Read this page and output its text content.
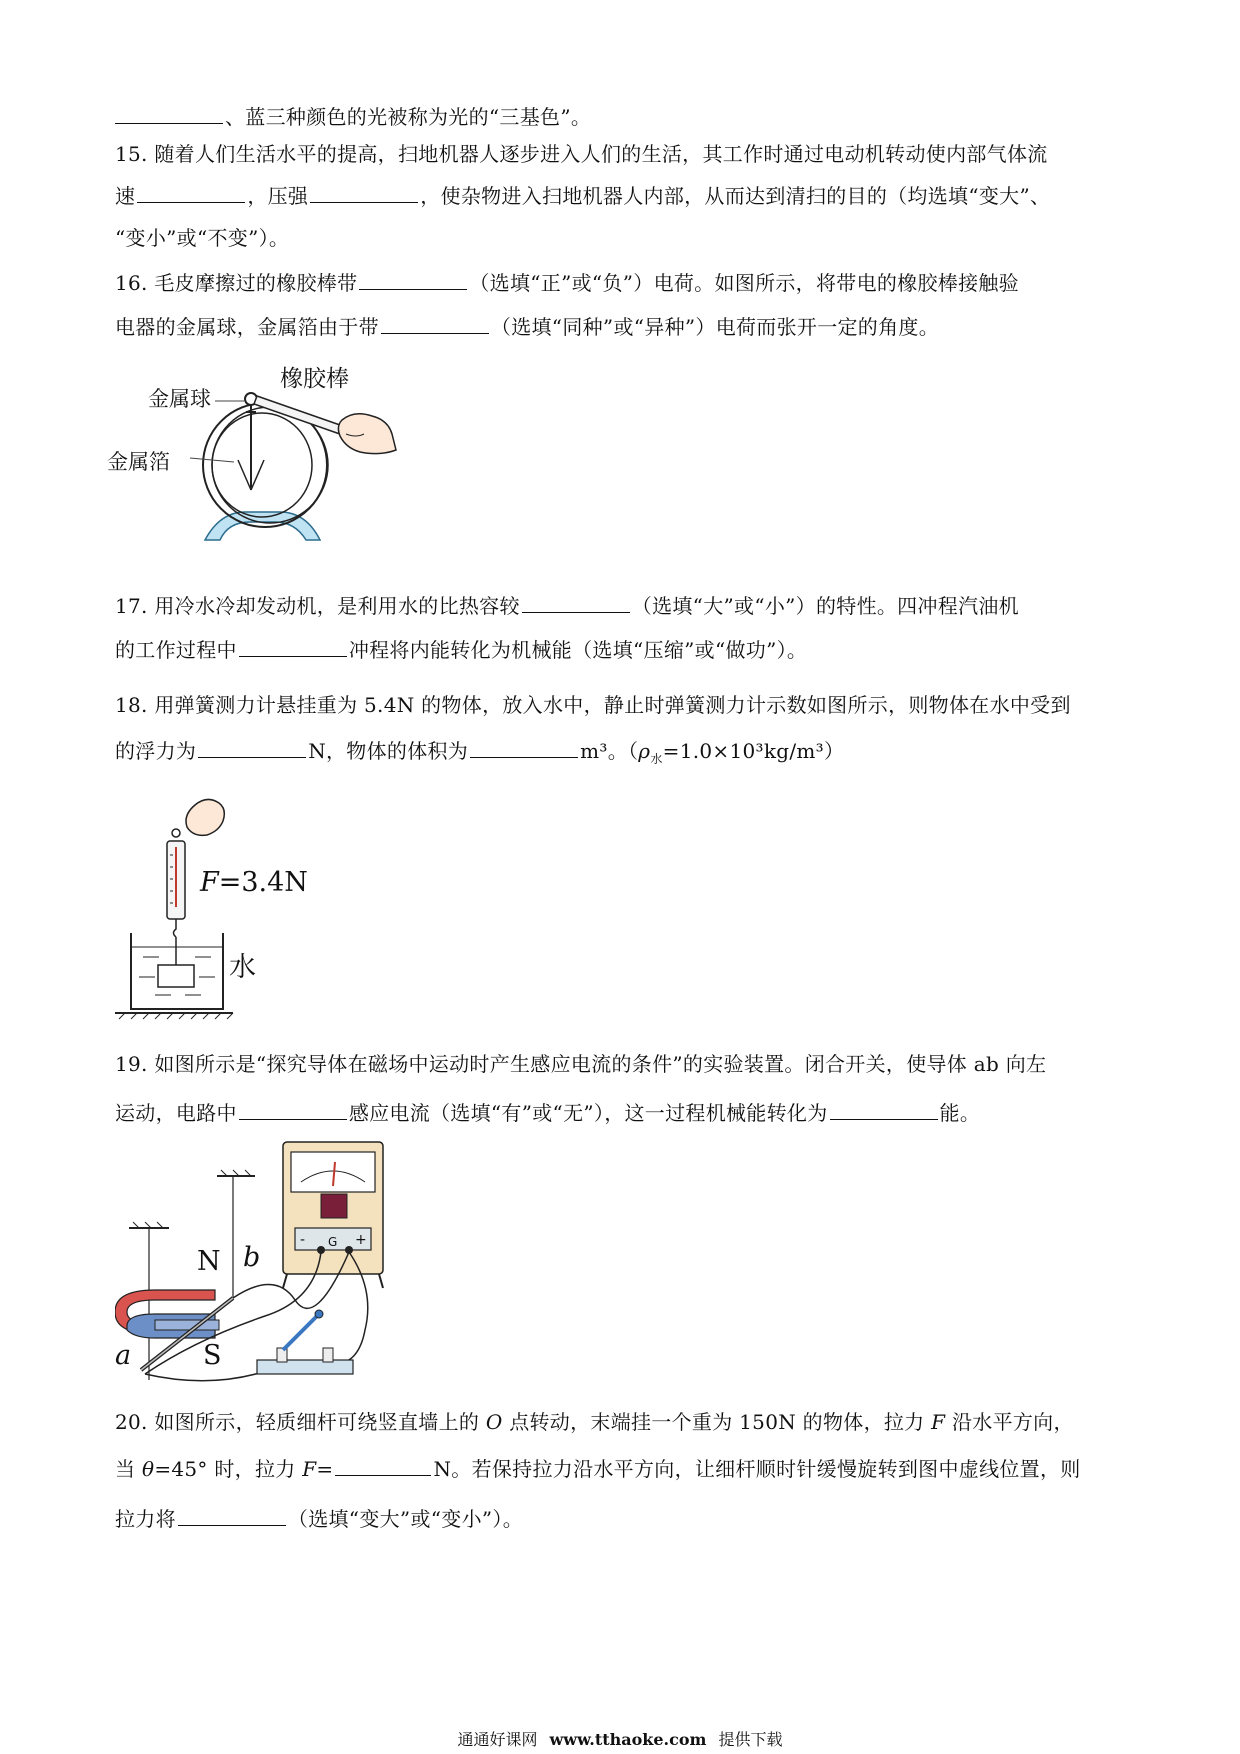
、蓝三种颜色的光被称为光的“三基色”。
15. 随着人们生活水平的提高，扫地机器人逐步进入人们的生活，其工作时通过电动机转动使内部气体流
速	，压强	，使杂物进入扫地机器人内部，从而达到清扫的目的（均选填“变大”、
“变小”或“不变”）。
16. 毛皮摩擦过的橡胶棒带	（选填“正”或“负”）电荷。如图所示，将带电的橡胶棒接触验
电器的金属球，金属箔由于带	（选填“同种”或“异种”）电荷而张开一定的角度。
金属球
橡胶棒
金属箔
17. 用冷水冷却发动机，是利用水的比热容较	（选填“大”或“小”）的特性。四冲程汽油机
的工作过程中	冲程将内能转化为机械能（选填“压缩”或“做功”）。
18. 用弹簧测力计悬挂重为 5.4N 的物体，放入水中，静止时弹簧测力计示数如图所示，则物体在水中受到
的浮力为	N，物体的体积为	m³。$(\rho_水=1.0\times 10^3kg/m^3)$
F=3.4N
水
19. 如图所示是“探究导体在磁场中运动时产生感应电流的条件”的实验装置。闭合开关，使导体 ab 向左
运动，电路中	感应电流（选填“有”或“无”），这一过程机械能转化为	能。
N b
a	S
- G +
20. 如图所示，轻质细杆可绕竖直墙上的 O 点转动，末端挂一个重为 150N 的物体，拉力 F 沿水平方向，
当 θ=45° 时，拉力 F=	N。若保持拉力沿水平方向，让细杆顺时针缓慢旋转到图中虚线位置，则
拉力将	（选填“变大”或“变小”）。
通通好课网 www.tthaoke.com 提供下载
